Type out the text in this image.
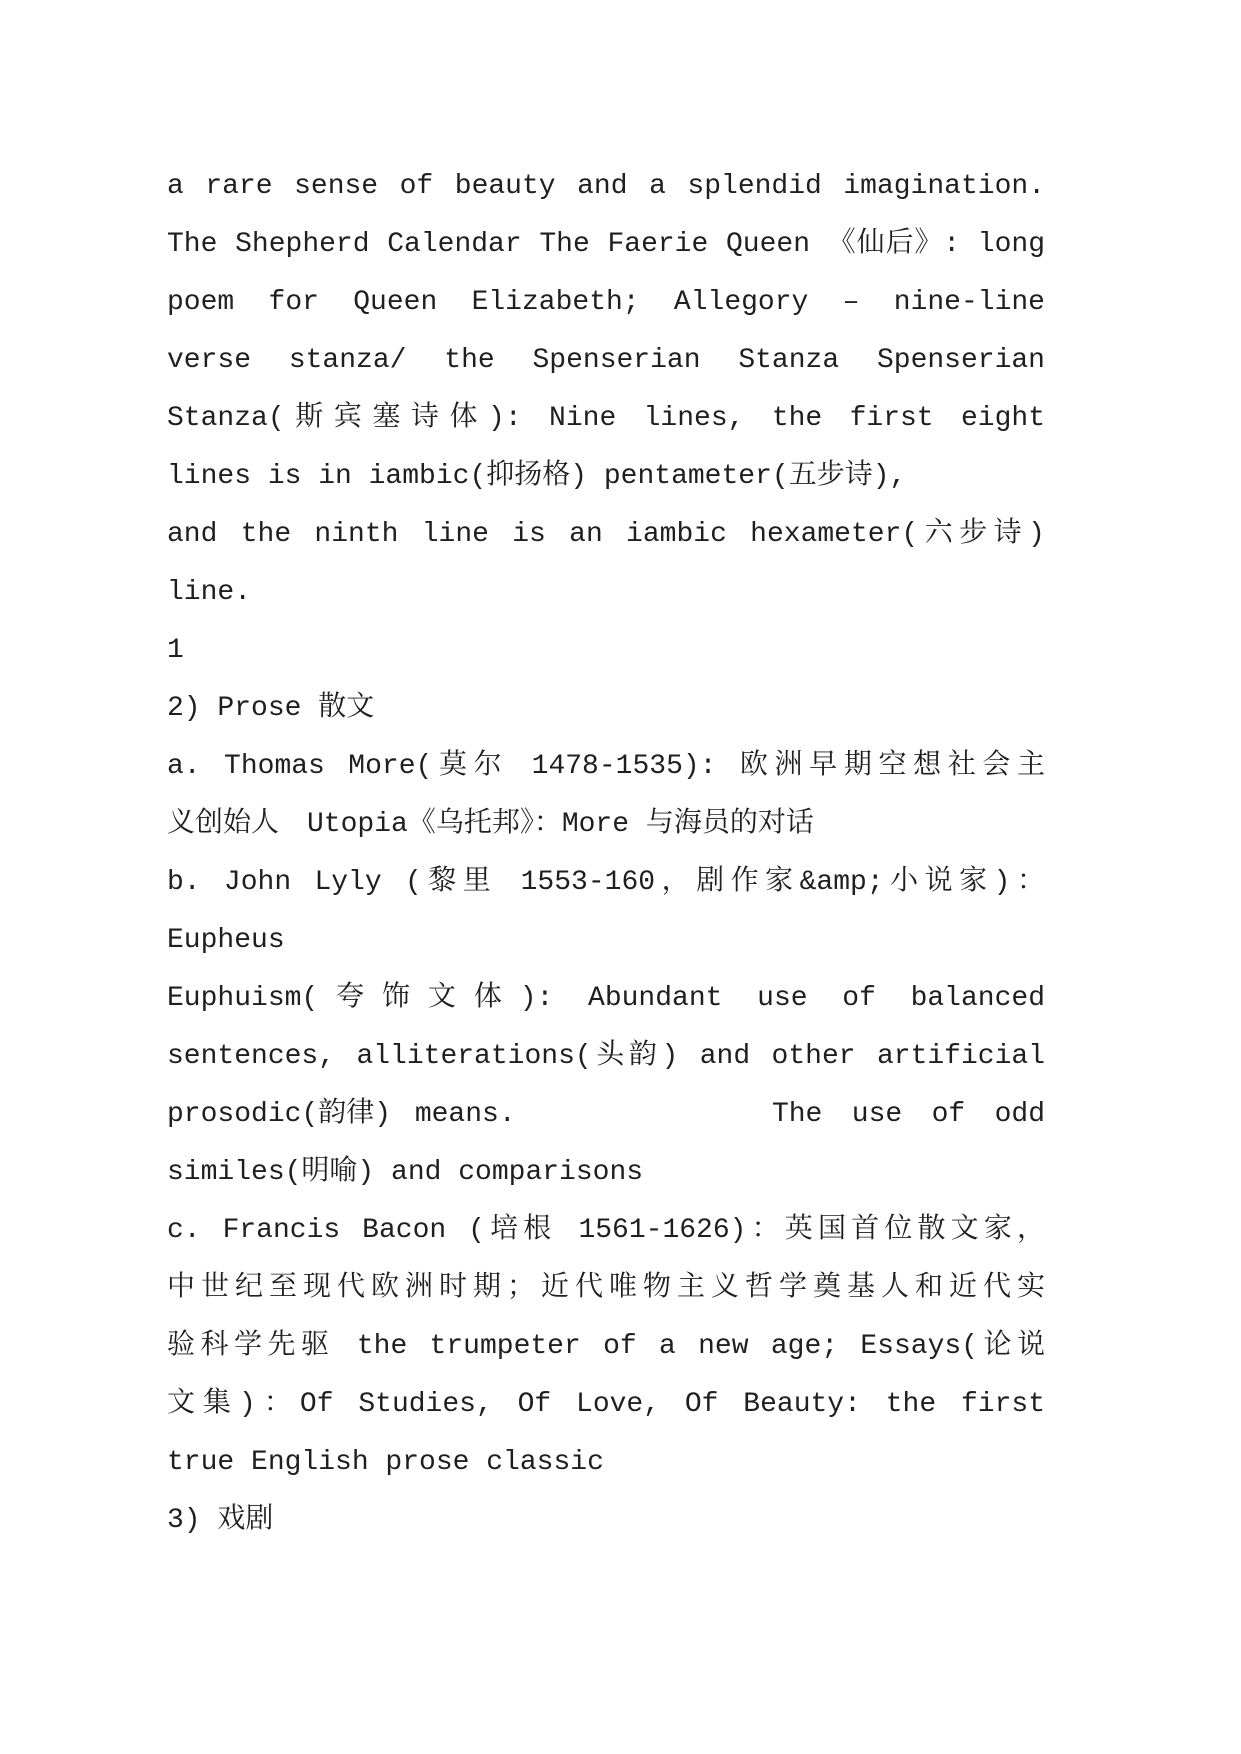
a rare sense of beauty and a splendid imagination.
The Shepherd Calendar The Faerie Queen 《仙后》: long
poem for Queen Elizabeth; Allegory – nine-line
verse stanza/ the Spenserian Stanza Spenserian
Stanza(斯宾塞诗体): Nine lines, the first eight
lines is in iambic(抑扬格) pentameter(五步诗),
and the ninth line is an iambic hexameter(六步诗)
line.
1
2) Prose 散文
a. Thomas More(莫尔 1478-1535): 欧洲早期空想社会主
义创始人　Utopia《乌托邦》：More 与海员的对话
b. John Lyly (黎里 1553-160，剧作家&amp;小说家)：
Eupheus
Euphuism(夸饰文体): Abundant use of balanced
sentences, alliterations(头韵) and other artificial
prosodic(韵律) means.	The use of odd
similes(明喻) and comparisons
c. Francis Bacon (培根 1561-1626)：英国首位散文家，
中世纪至现代欧洲时期；近代唯物主义哲学奠基人和近代实
验科学先驱 the trumpeter of a new age; Essays(论说
文集)：Of Studies, Of Love, Of Beauty: the first
true English prose classic
3) 戏剧
